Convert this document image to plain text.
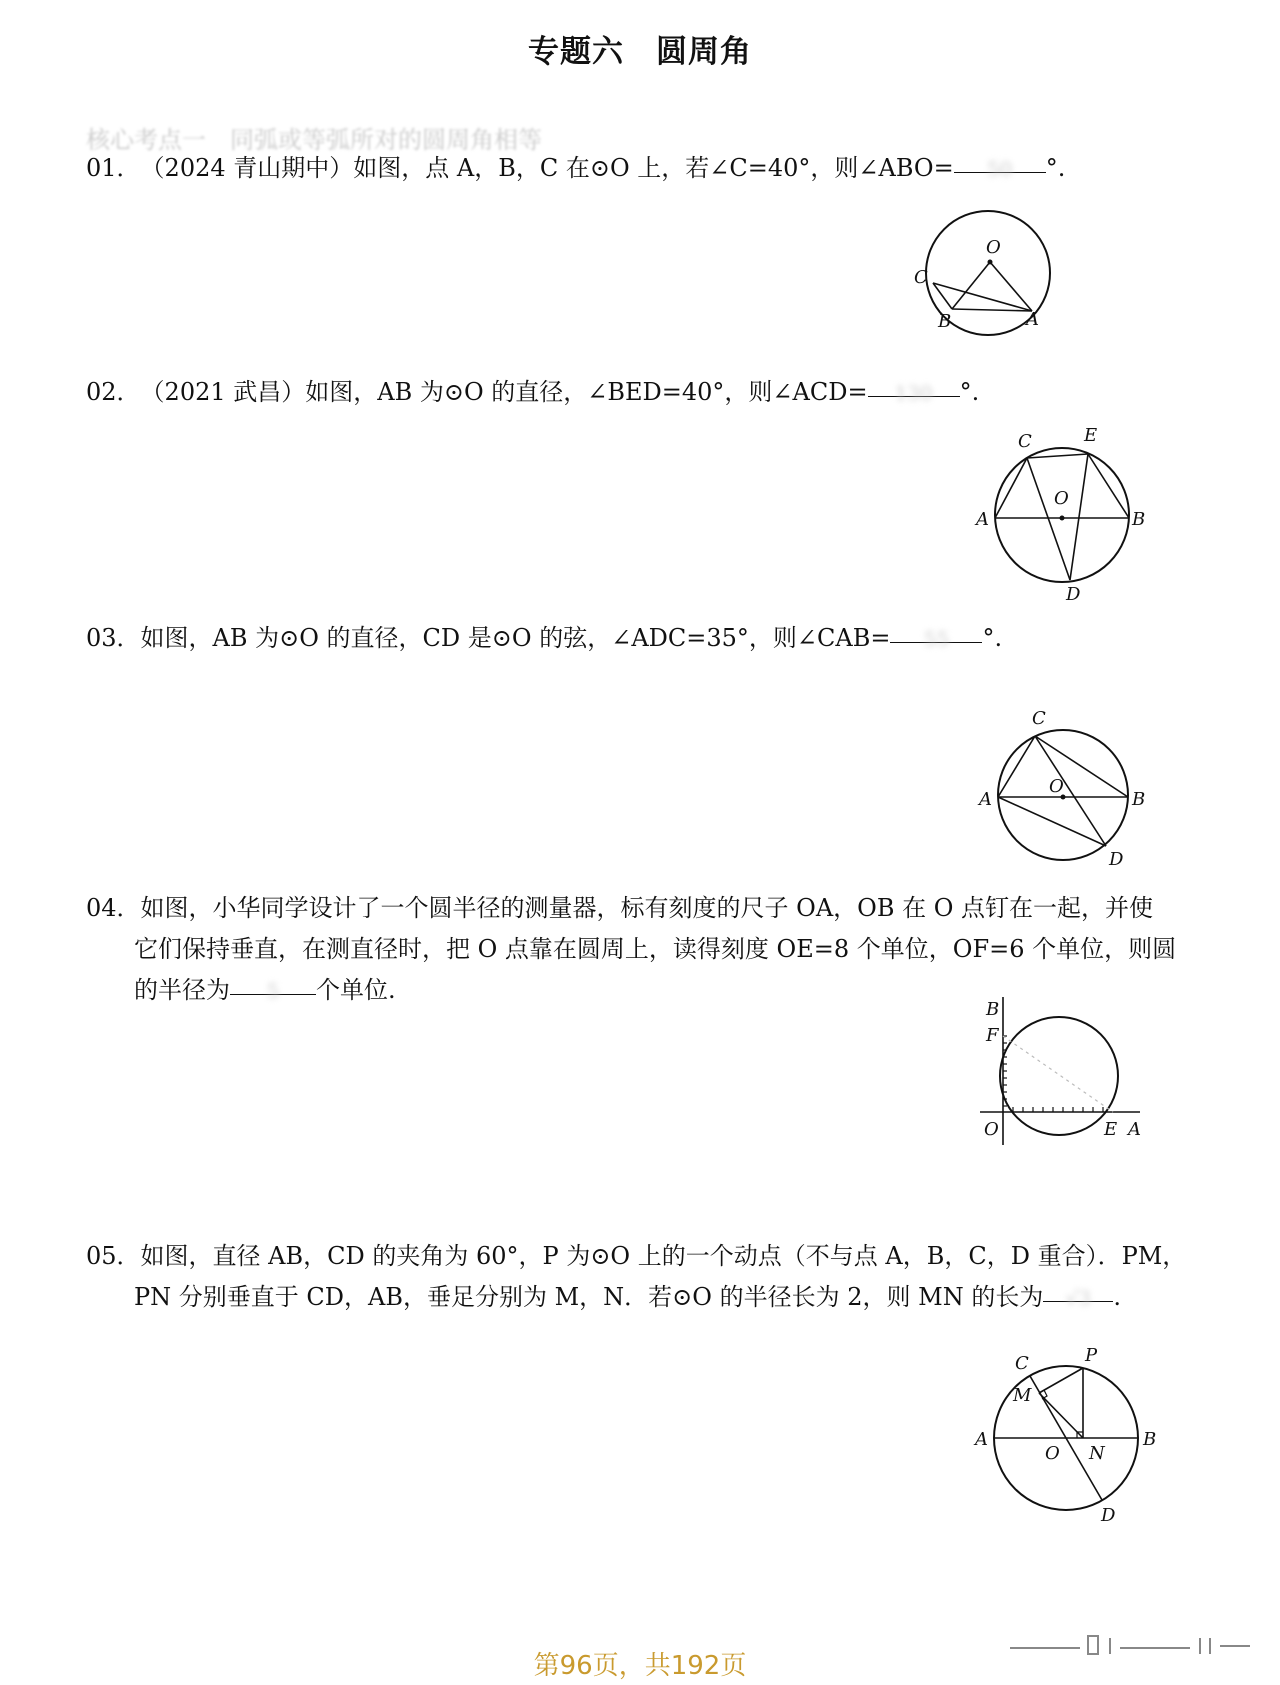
专题六　圆周角
核心考点一　同弧或等弧所对的圆周角相等
01．（2024 青山期中）如图，点 A，B，C 在⊙O 上，若∠C=40°，则∠ABO= 50 °.
O
C
B	A
02．（2021 武昌）如图，AB 为⊙O 的直径，∠BED=40°，则∠ACD= 130 °.
C	E
O
A	B
D
03．如图，AB 为⊙O 的直径，CD 是⊙O 的弦，∠ADC=35°，则∠CAB= 55 °.
C
O
A	B
D
04．如图，小华同学设计了一个圆半径的测量器，标有刻度的尺子 OA，OB 在 O 点钉在一起，并使
它们保持垂直，在测直径时，把 O 点靠在圆周上，读得刻度 OE=8 个单位，OF=6 个单位，则圆
的半径为 5 个单位.
B
F
O	E A
05．如图，直径 AB，CD 的夹角为 60°，P 为⊙O 上的一个动点（不与点 A，B，C，D 重合）．PM，
PN 分别垂直于 CD，AB，垂足分别为 M，N．若⊙O 的半径长为 2，则 MN 的长为 √3 .
C	P
M
A
O N
B
D
第96页，共192页
